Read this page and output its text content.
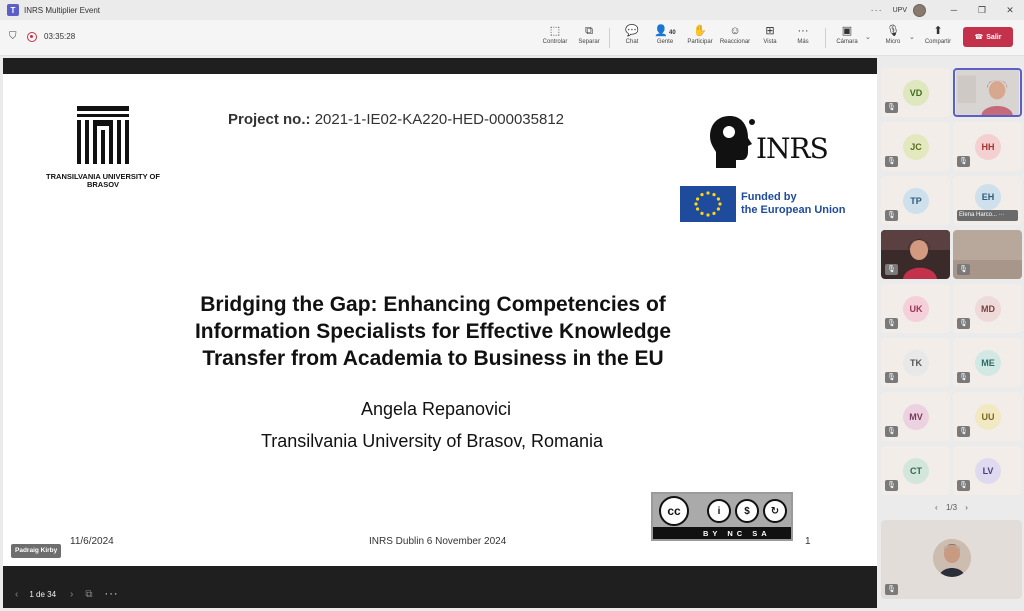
T	INRS Multiplier Event	··· UPV	─	❐	✕
⛉	03:35:28	⬚
Controlar
⧉
Separar
💬
Chat
👤40
Gente
✋
Participar
☺
Reaccionar
⊞
Vista
···
Más
▣
Cámara
⌄
🎙
Micro
⌄
⬆
Compartir
☎ Salir
TRANSILVANIA UNIVERSITY OF BRASOV
Project no.: 2021-1-IE02-KA220-HED-000035812
INRS
Funded by
the European Union
Bridging the Gap: Enhancing Competencies of
Information Specialists for Effective Knowledge
Transfer from Academia to Business in the EU
Angela Repanovici
Transilvania University of Brasov, Romania
cc	i	$	↻
BY NC SA
11/6/2024	INRS Dublin 6 November 2024	1
Padraig Kirby
‹ 1 de 34 › ⧉ ···
VD
🎙
JC
🎙
HH
🎙
TP
🎙
EH
Elena Harco... ···
🎙	🎙
UK
🎙
MD
🎙
TK
🎙
ME
🎙
MV
🎙
UU
🎙
CT
🎙
LV
🎙
‹ 1/3 ›
🎙
